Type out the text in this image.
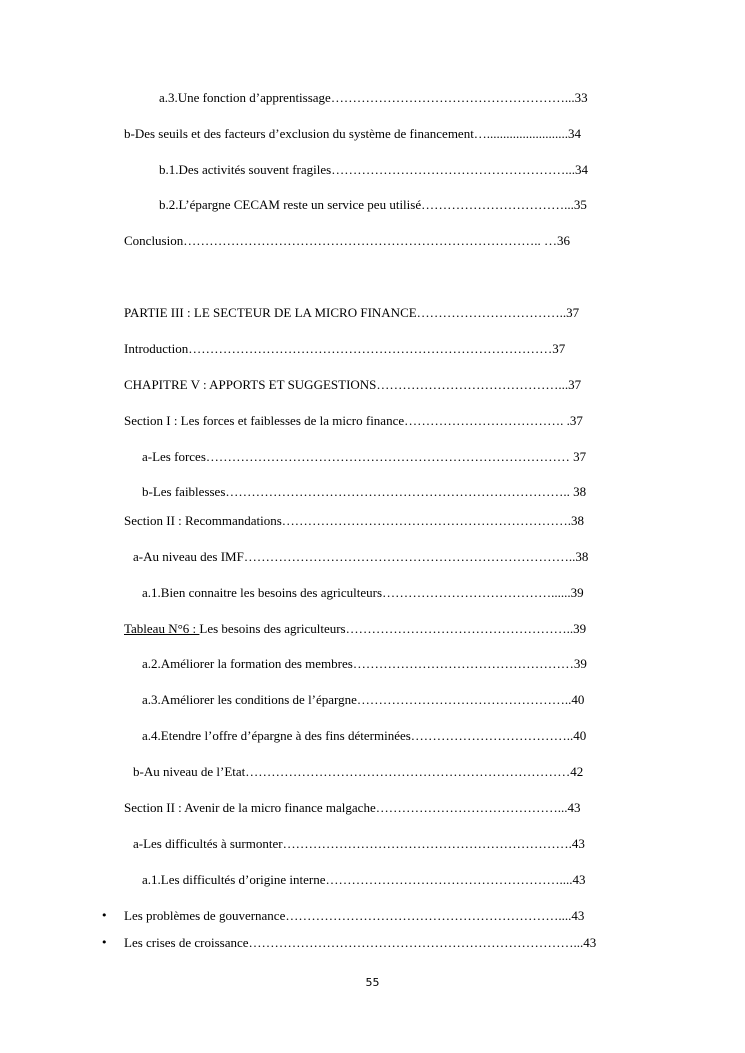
a.3.Une fonction d’apprentissage………………………………………………...33
b-Des seuils et des facteurs d’exclusion du système de financement….........................34
b.1.Des activités souvent fragiles………………………………………………...34
b.2.L’épargne CECAM reste un service peu utilisé……………………………...35
Conclusion……………………………………………………………………….. …36
PARTIE III : LE SECTEUR DE LA MICRO FINANCE……………………………..37
Introduction…………………………………………………………………………37
CHAPITRE V : APPORTS ET SUGGESTIONS……………………………………...37
Section I : Les forces et faiblesses de la micro finance………………………………. .37
a-Les forces………………………………………………………………………… 37
b-Les faiblesses…………………………………………………………………….. 38
Section II : Recommandations………………………………………………………….38
a-Au niveau des IMF…………………………………………………………………..38
a.1.Bien connaitre les besoins des agriculteurs…………………………………......39
Tableau N°6 : Les besoins des agriculteurs……………………………………………..39
a.2.Améliorer la formation des membres……………………………………………39
a.3.Améliorer les conditions de l’épargne…………………………………………..40
a.4.Etendre l’offre d’épargne à des fins déterminées………………………………..40
b-Au niveau de l’Etat…………………………………………………………………42
Section II : Avenir de la micro finance malgache……………………………………...43
a-Les difficultés à surmonter………………………………………………………….43
a.1.Les difficultés d’origine interne………………………………………………....43
• Les problèmes de gouvernance………………………………………………………....43
• Les crises de croissance…………………………………………………………………...43
55
